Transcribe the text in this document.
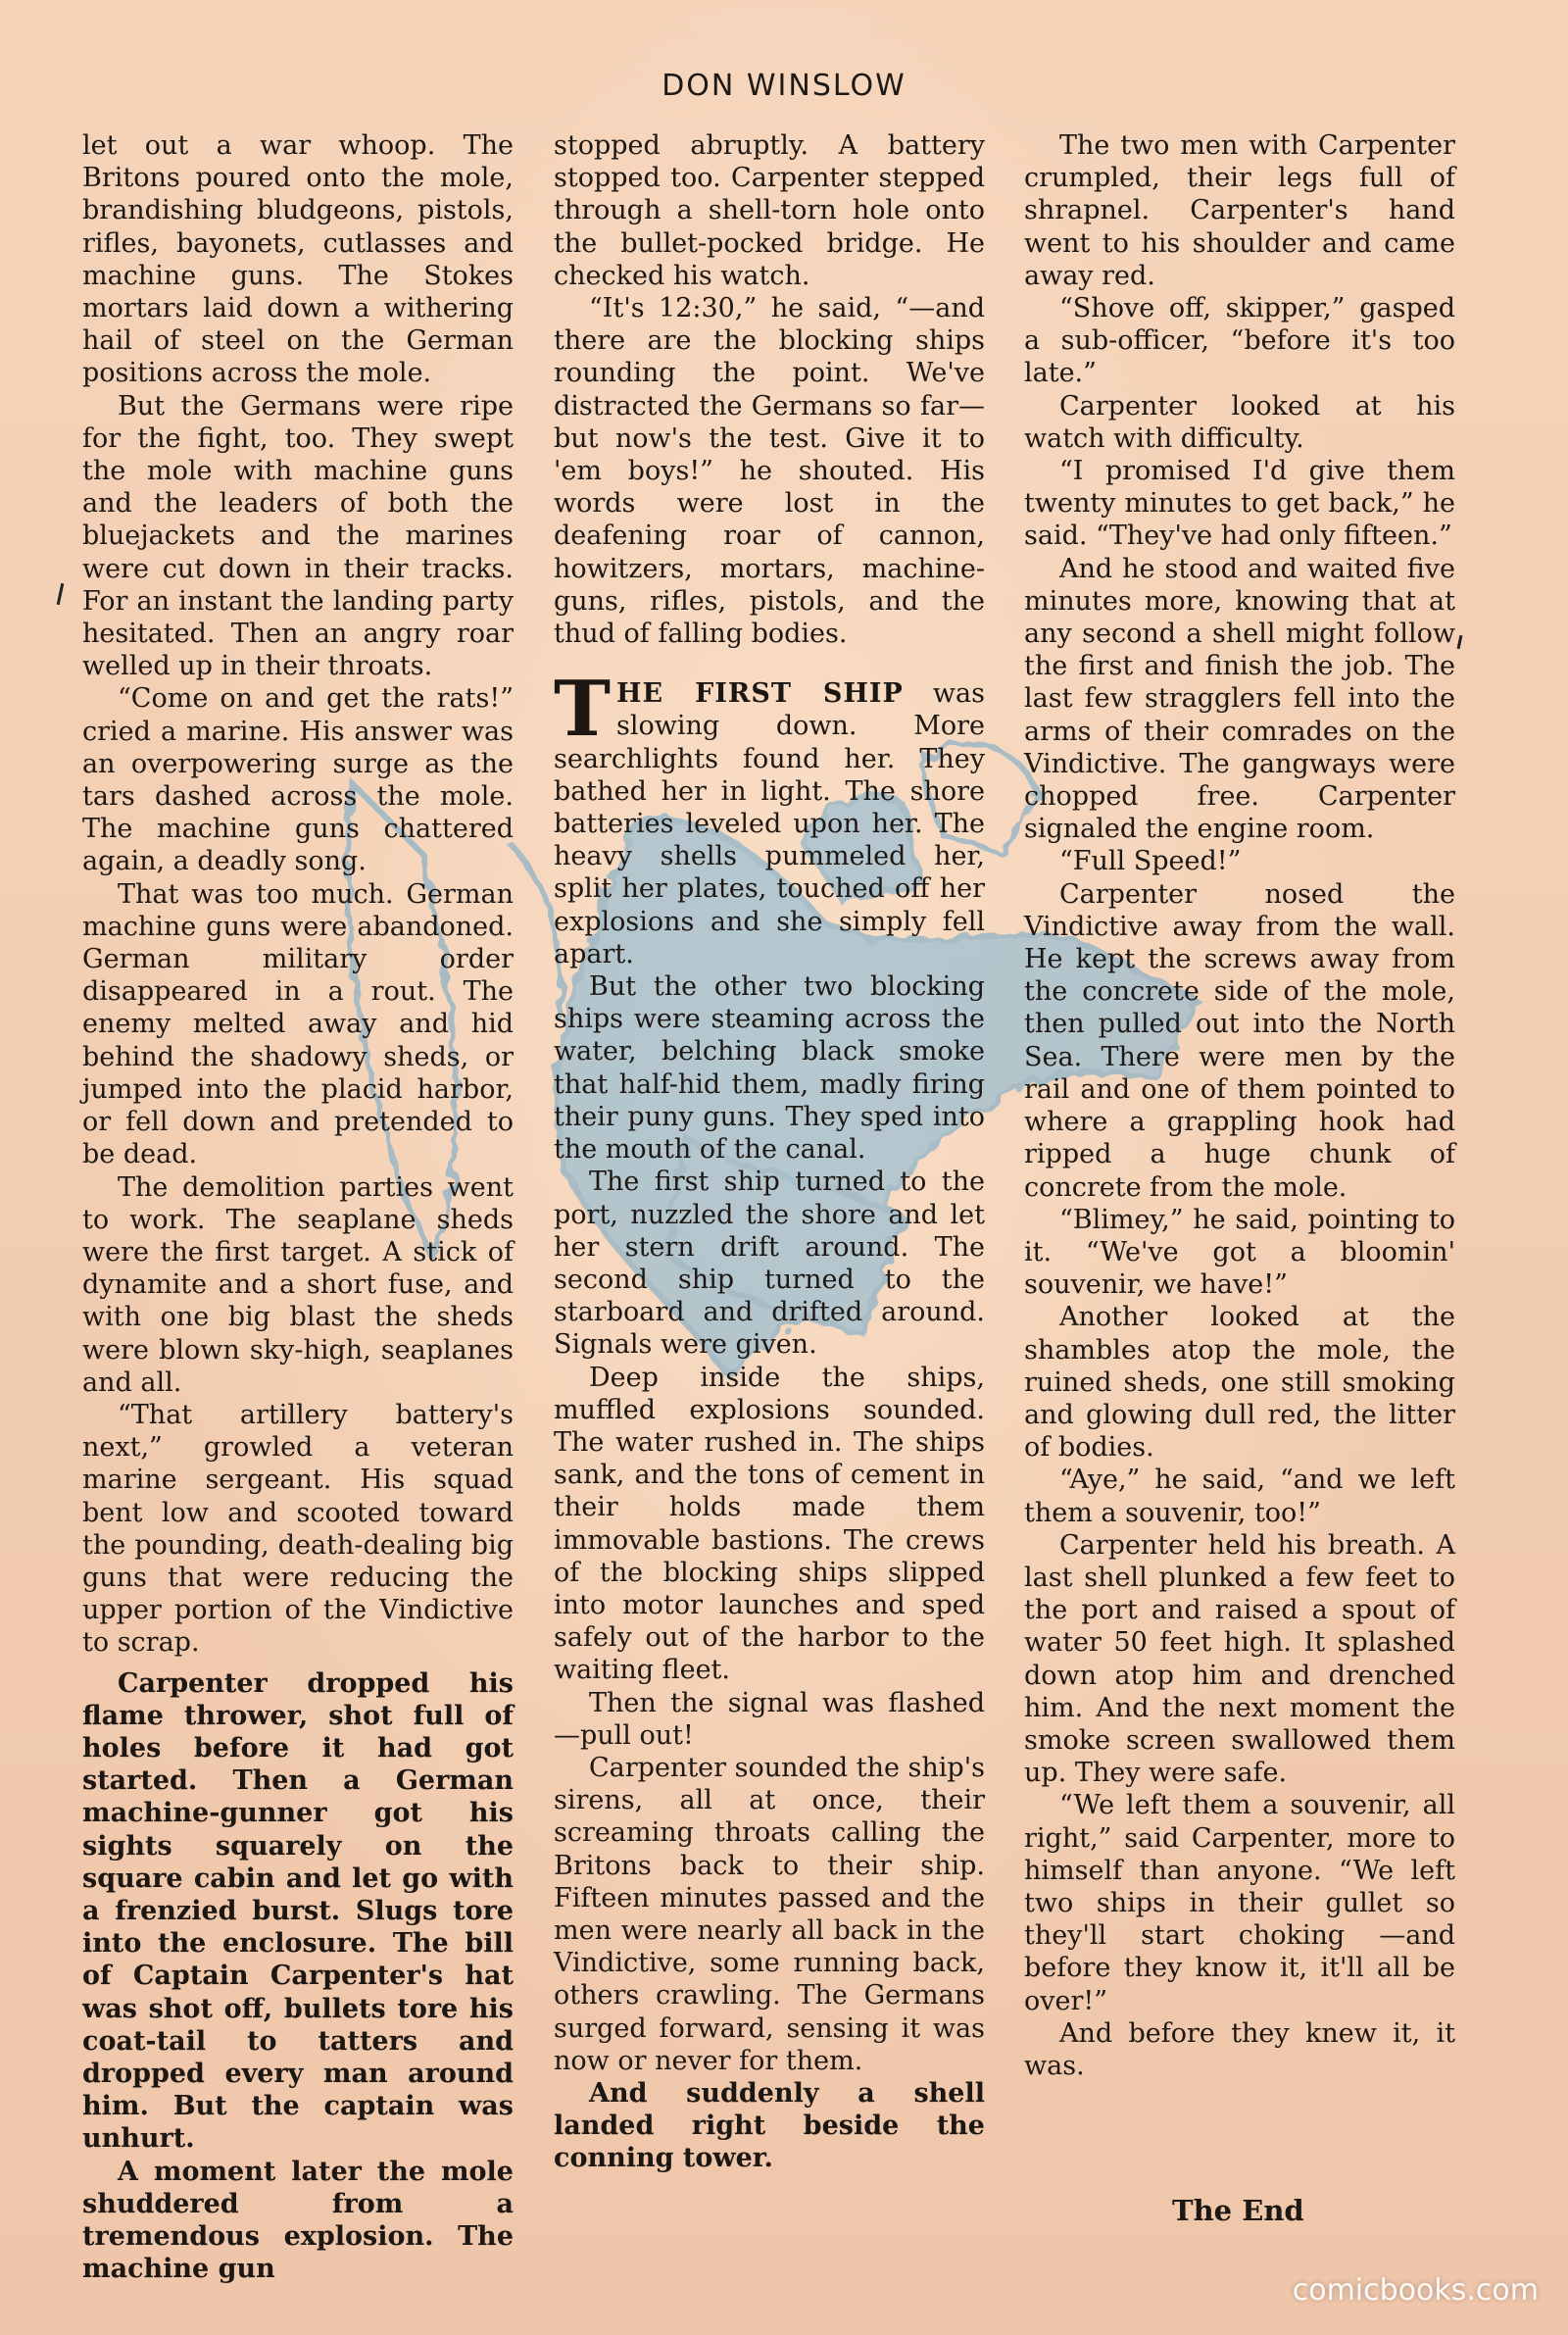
DON WINSLOW

let out a war whoop. The Britons poured onto the mole, brandishing bludgeons, pistols, rifles, bayonets, cutlasses and machine guns. The Stokes mortars laid down a withering hail of steel on the German positions across the mole.

But the Germans were ripe for the fight, too. They swept the mole with machine guns and the leaders of both the bluejackets and the marines were cut down in their tracks. For an instant the landing party hesitated. Then an angry roar welled up in their throats.

“Come on and get the rats!” cried a marine. His answer was an overpowering surge as the tars dashed across the mole. The machine guns chattered again, a deadly song.

That was too much. German machine guns were abandoned. German military order disappeared in a rout. The enemy melted away and hid behind the shadowy sheds, or jumped into the placid harbor, or fell down and pretended to be dead.

The demolition parties went to work. The seaplane sheds were the first target. A stick of dynamite and a short fuse, and with one big blast the sheds were blown sky-high, seaplanes and all.

“That artillery battery's next,” growled a veteran marine sergeant. His squad bent low and scooted toward the pounding, death-dealing big guns that were reducing the upper portion of the Vindictive to scrap.

Carpenter dropped his flame thrower, shot full of holes before it had got started. Then a German machine-gunner got his sights squarely on the square cabin and let go with a frenzied burst. Slugs tore into the enclosure. The bill of Captain Carpenter's hat was shot off, bullets tore his coat-tail to tatters and dropped every man around him. But the captain was unhurt.

A moment later the mole shuddered from a tremendous explosion. The machine gun

stopped abruptly. A battery stopped too. Carpenter stepped through a shell-torn hole onto the bullet-pocked bridge. He checked his watch.

“It's 12:30,” he said, “—and there are the blocking ships rounding the point. We've distracted the Germans so far—but now's the test. Give it to 'em boys!” he shouted. His words were lost in the deafening roar of cannon, howitzers, mortars, machine-guns, rifles, pistols, and the thud of falling bodies.

THE FIRST SHIP was slowing down. More searchlights found her. They bathed her in light. The shore batteries leveled upon her. The heavy shells pummeled her, split her plates, touched off her explosions and she simply fell apart.

But the other two blocking ships were steaming across the water, belching black smoke that half-hid them, madly firing their puny guns. They sped into the mouth of the canal.

The first ship turned to the port, nuzzled the shore and let her stern drift around. The second ship turned to the starboard and drifted around. Signals were given.

Deep inside the ships, muffled explosions sounded. The water rushed in. The ships sank, and the tons of cement in their holds made them immovable bastions. The crews of the blocking ships slipped into motor launches and sped safely out of the harbor to the waiting fleet.

Then the signal was flashed —pull out!

Carpenter sounded the ship's sirens, all at once, their screaming throats calling the Britons back to their ship. Fifteen minutes passed and the men were nearly all back in the Vindictive, some running back, others crawling. The Germans surged forward, sensing it was now or never for them.

And suddenly a shell landed right beside the conning tower.

The two men with Carpenter crumpled, their legs full of shrapnel. Carpenter's hand went to his shoulder and came away red.

“Shove off, skipper,” gasped a sub-officer, “before it's too late.”

Carpenter looked at his watch with difficulty.

“I promised I'd give them twenty minutes to get back,” he said. “They've had only fifteen.”

And he stood and waited five minutes more, knowing that at any second a shell might follow the first and finish the job. The last few stragglers fell into the arms of their comrades on the Vindictive. The gangways were chopped free. Carpenter signaled the engine room.

“Full Speed!”

Carpenter nosed the Vindictive away from the wall. He kept the screws away from the concrete side of the mole, then pulled out into the North Sea. There were men by the rail and one of them pointed to where a grappling hook had ripped a huge chunk of concrete from the mole.

“Blimey,” he said, pointing to it. “We've got a bloomin' souvenir, we have!”

Another looked at the shambles atop the mole, the ruined sheds, one still smoking and glowing dull red, the litter of bodies.

“Aye,” he said, “and we left them a souvenir, too!”

Carpenter held his breath. A last shell plunked a few feet to the port and raised a spout of water 50 feet high. It splashed down atop him and drenched him. And the next moment the smoke screen swallowed them up. They were safe.

“We left them a souvenir, all right,” said Carpenter, more to himself than anyone. “We left two ships in their gullet so they'll start choking —and before they know it, it'll all be over!”

And before they knew it, it was.

The End
comicbooks.com
